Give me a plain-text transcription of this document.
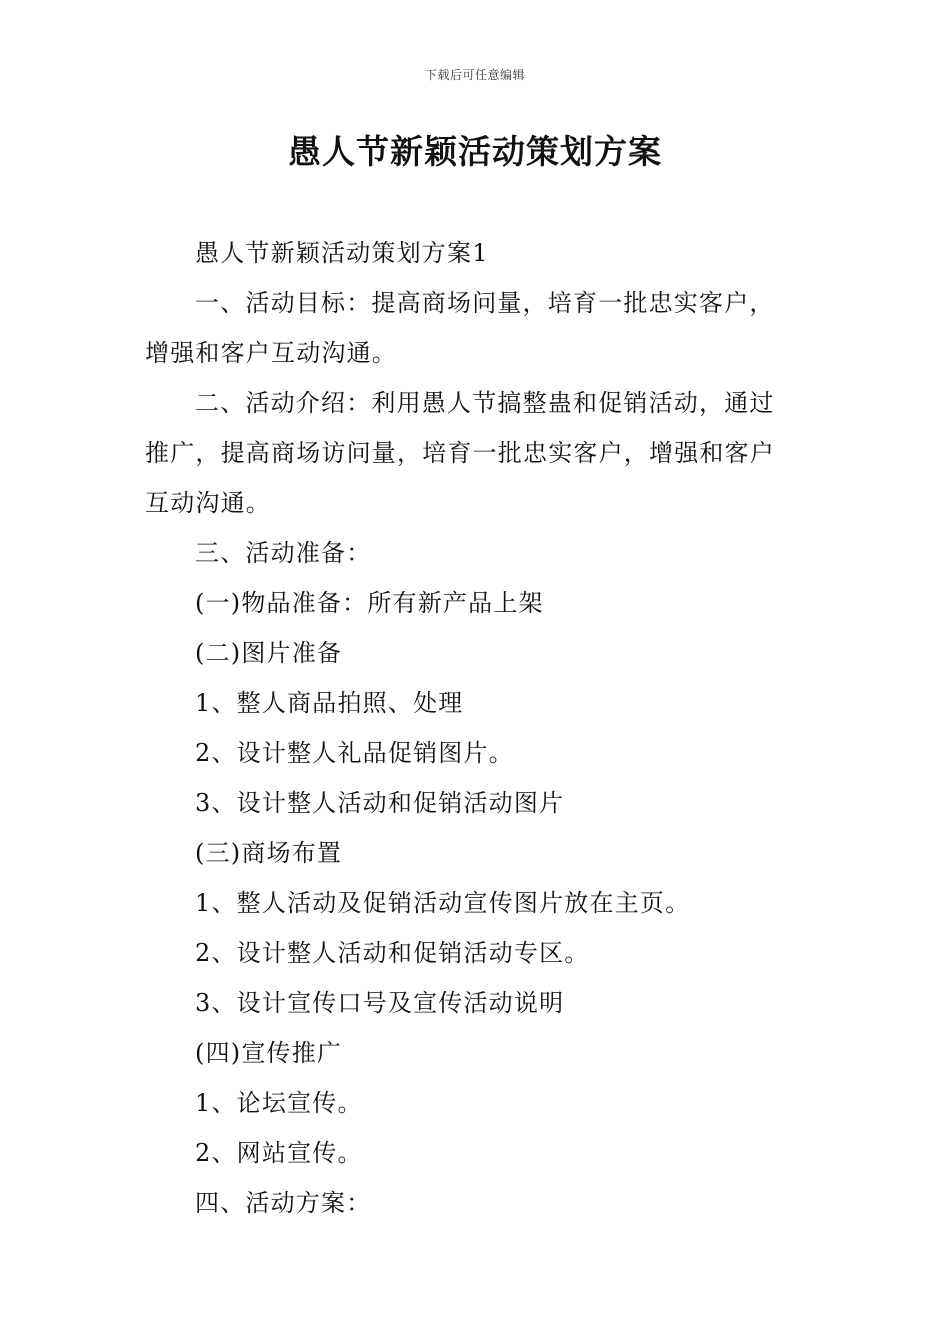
下载后可任意编辑
愚人节新颖活动策划方案
愚人节新颖活动策划方案1
一、活动目标：提高商场问量，培育一批忠实客户，
增强和客户互动沟通。
二、活动介绍：利用愚人节搞整蛊和促销活动，通过
推广，提高商场访问量，培育一批忠实客户，增强和客户
互动沟通。
三、活动准备：
(一)物品准备：所有新产品上架
(二)图片准备
1、整人商品拍照、处理
2、设计整人礼品促销图片。
3、设计整人活动和促销活动图片
(三)商场布置
1、整人活动及促销活动宣传图片放在主页。
2、设计整人活动和促销活动专区。
3、设计宣传口号及宣传活动说明
(四)宣传推广
1、论坛宣传。
2、网站宣传。
四、活动方案：
